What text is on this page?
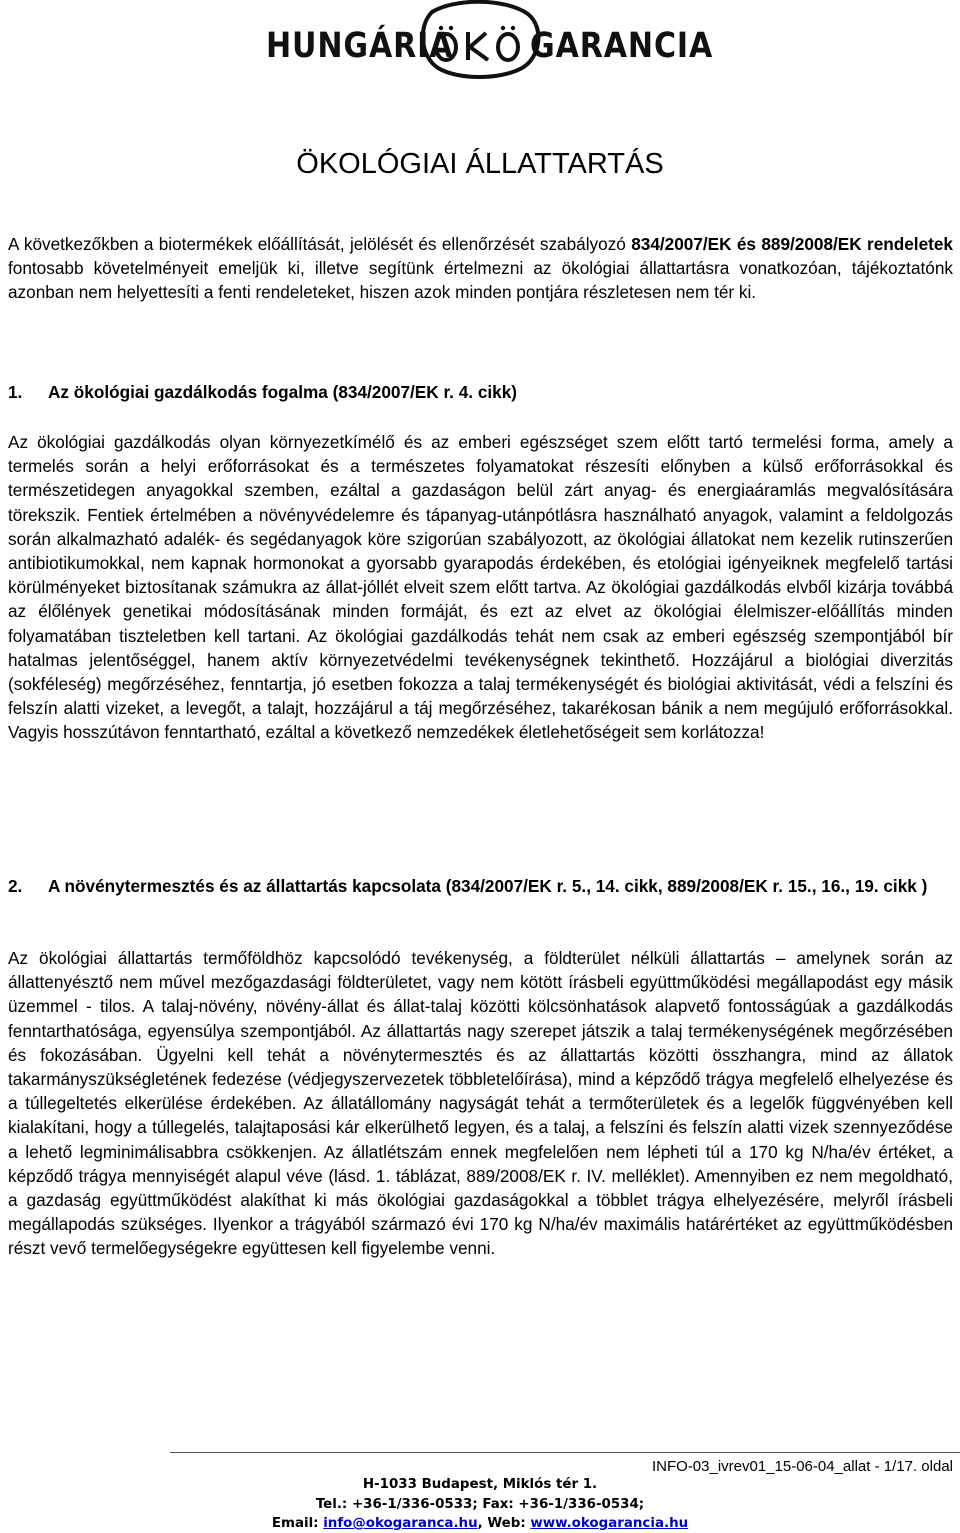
HUNGÁRIA GARANCIA
ÖKOLÓGIAI ÁLLATTARTÁS

A következőkben a biotermékek előállítását, jelölését és ellenőrzését szabályozó 834/2007/EK és 889/2008/EK rendeletek fontosabb követelményeit emeljük ki, illetve segítünk értelmezni az ökológiai állattartásra vonatkozóan, tájékoztatónk azonban nem helyettesíti a fenti rendeleteket, hiszen azok minden pontjára részletesen nem tér ki.

1. Az ökológiai gazdálkodás fogalma (834/2007/EK r. 4. cikk)

Az ökológiai gazdálkodás olyan környezetkímélő és az emberi egészséget szem előtt tartó termelési forma, amely a termelés során a helyi erőforrásokat és a természetes folyamatokat részesíti előnyben a külső erőforrásokkal és természetidegen anyagokkal szemben, ezáltal a gazdaságon belül zárt anyag- és energiaáramlás megvalósítására törekszik. Fentiek értelmében a növényvédelemre és tápanyag-utánpótlásra használható anyagok, valamint a feldolgozás során alkalmazható adalék- és segédanyagok köre szigorúan szabályozott, az ökológiai állatokat nem kezelik rutinszerűen antibiotikumokkal, nem kapnak hormonokat a gyorsabb gyarapodás érdekében, és etológiai igényeiknek megfelelő tartási körülményeket biztosítanak számukra az állat-jóllét elveit szem előtt tartva. Az ökológiai gazdálkodás elvből kizárja továbbá az élőlények genetikai módosításának minden formáját, és ezt az elvet az ökológiai élelmiszer-előállítás minden folyamatában tiszteletben kell tartani. Az ökológiai gazdálkodás tehát nem csak az emberi egészség szempontjából bír hatalmas jelentőséggel, hanem aktív környezetvédelmi tevékenységnek tekinthető. Hozzájárul a biológiai diverzitás (sokféleség) megőrzéséhez, fenntartja, jó esetben fokozza a talaj termékenységét és biológiai aktivitását, védi a felszíni és felszín alatti vizeket, a levegőt, a talajt, hozzájárul a táj megőrzéséhez, takarékosan bánik a nem megújuló erőforrásokkal. Vagyis hosszútávon fenntartható, ezáltal a következő nemzedékek életlehetőségeit sem korlátozza!

2. A növénytermesztés és az állattartás kapcsolata (834/2007/EK r. 5., 14. cikk, 889/2008/EK r. 15., 16., 19. cikk )

Az ökológiai állattartás termőföldhöz kapcsolódó tevékenység, a földterület nélküli állattartás – amelynek során az állattenyésztő nem művel mezőgazdasági földterületet, vagy nem kötött írásbeli együttműködési megállapodást egy másik üzemmel - tilos. A talaj-növény, növény-állat és állat-talaj közötti kölcsönhatások alapvető fontosságúak a gazdálkodás fenntarthatósága, egyensúlya szempontjából. Az állattartás nagy szerepet játszik a talaj termékenységének megőrzésében és fokozásában. Ügyelni kell tehát a növénytermesztés és az állattartás közötti összhangra, mind az állatok takarmányszükségletének fedezése (védjegyszervezetek többletelőírása), mind a képződő trágya megfelelő elhelyezése és a túllegeltetés elkerülése érdekében. Az állatállomány nagyságát tehát a termőterületek és a legelők függvényében kell kialakítani, hogy a túllegelés, talajtaposási kár elkerülhető legyen, és a talaj, a felszíni és felszín alatti vizek szennyeződése a lehető legminimálisabbra csökkenjen. Az állatlétszám ennek megfelelően nem lépheti túl a 170 kg N/ha/év értéket, a képződő trágya mennyiségét alapul véve (lásd. 1. táblázat, 889/2008/EK r. IV. melléklet). Amennyiben ez nem megoldható, a gazdaság együttműködést alakíthat ki más ökológiai gazdaságokkal a többlet trágya elhelyezésére, melyről írásbeli megállapodás szükséges. Ilyenkor a trágyából származó évi 170 kg N/ha/év maximális határértéket az együttműködésben részt vevő termelőegységekre együttesen kell figyelembe venni.

INFO-03_ivrev01_15-06-04_allat - 1/17. oldal
H-1033 Budapest, Miklós tér 1.
Tel.: +36-1/336-0533; Fax: +36-1/336-0534;
Email: info@okogaranca.hu, Web: www.okogarancia.hu
